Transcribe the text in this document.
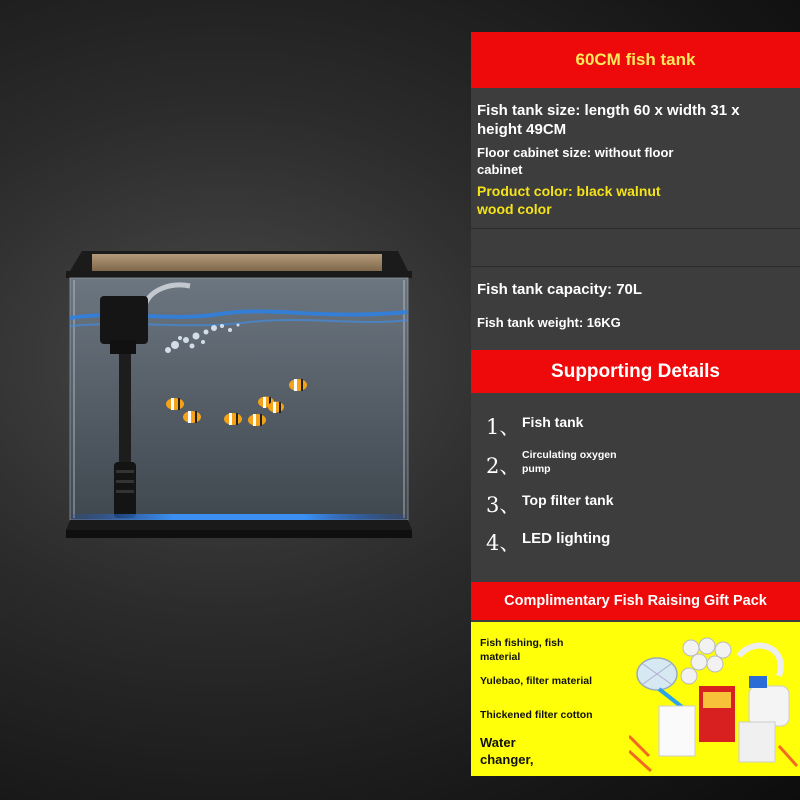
60CM fish tank
Fish tank size: length 60 x width 31 x
height 49CM
Floor cabinet size: without floor
cabinet
Product color: black walnut
wood color
Fish tank capacity: 70L
Fish tank weight: 16KG
Supporting Details
1、 Fish tank
2、 Circulating oxygen
pump
3、 Top filter tank
4、 LED lighting
Complimentary Fish Raising Gift Pack
Fish fishing, fish
material
Yulebao, filter material
Thickened filter cotton
Water
changer,
